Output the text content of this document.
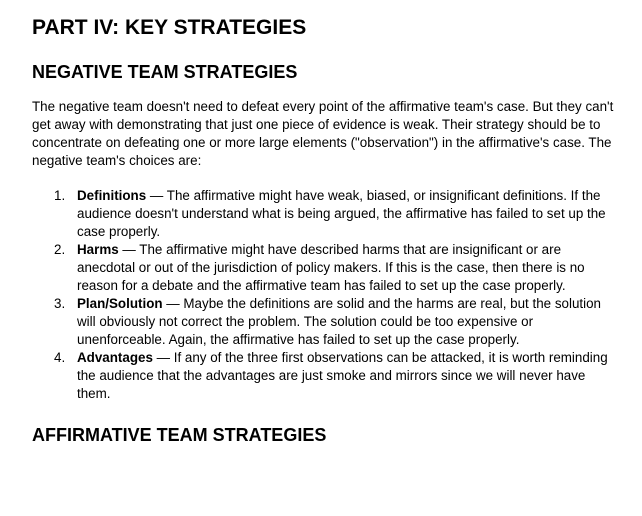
PART IV: KEY STRATEGIES
NEGATIVE TEAM STRATEGIES

The negative team doesn't need to defeat every point of the affirmative team's case. But they can't get away with demonstrating that just one piece of evidence is weak. Their strategy should be to concentrate on defeating one or more large elements ("observation") in the affirmative's case. The negative team's choices are:

1. Definitions — The affirmative might have weak, biased, or insignificant definitions. If the audience doesn't understand what is being argued, the affirmative has failed to set up the case properly.
2. Harms — The affirmative might have described harms that are insignificant or are anecdotal or out of the jurisdiction of policy makers. If this is the case, then there is no reason for a debate and the affirmative team has failed to set up the case properly.
3. Plan/Solution — Maybe the definitions are solid and the harms are real, but the solution will obviously not correct the problem. The solution could be too expensive or unenforceable. Again, the affirmative has failed to set up the case properly.
4. Advantages — If any of the three first observations can be attacked, it is worth reminding the audience that the advantages are just smoke and mirrors since we will never have them.
AFFIRMATIVE TEAM STRATEGIES
